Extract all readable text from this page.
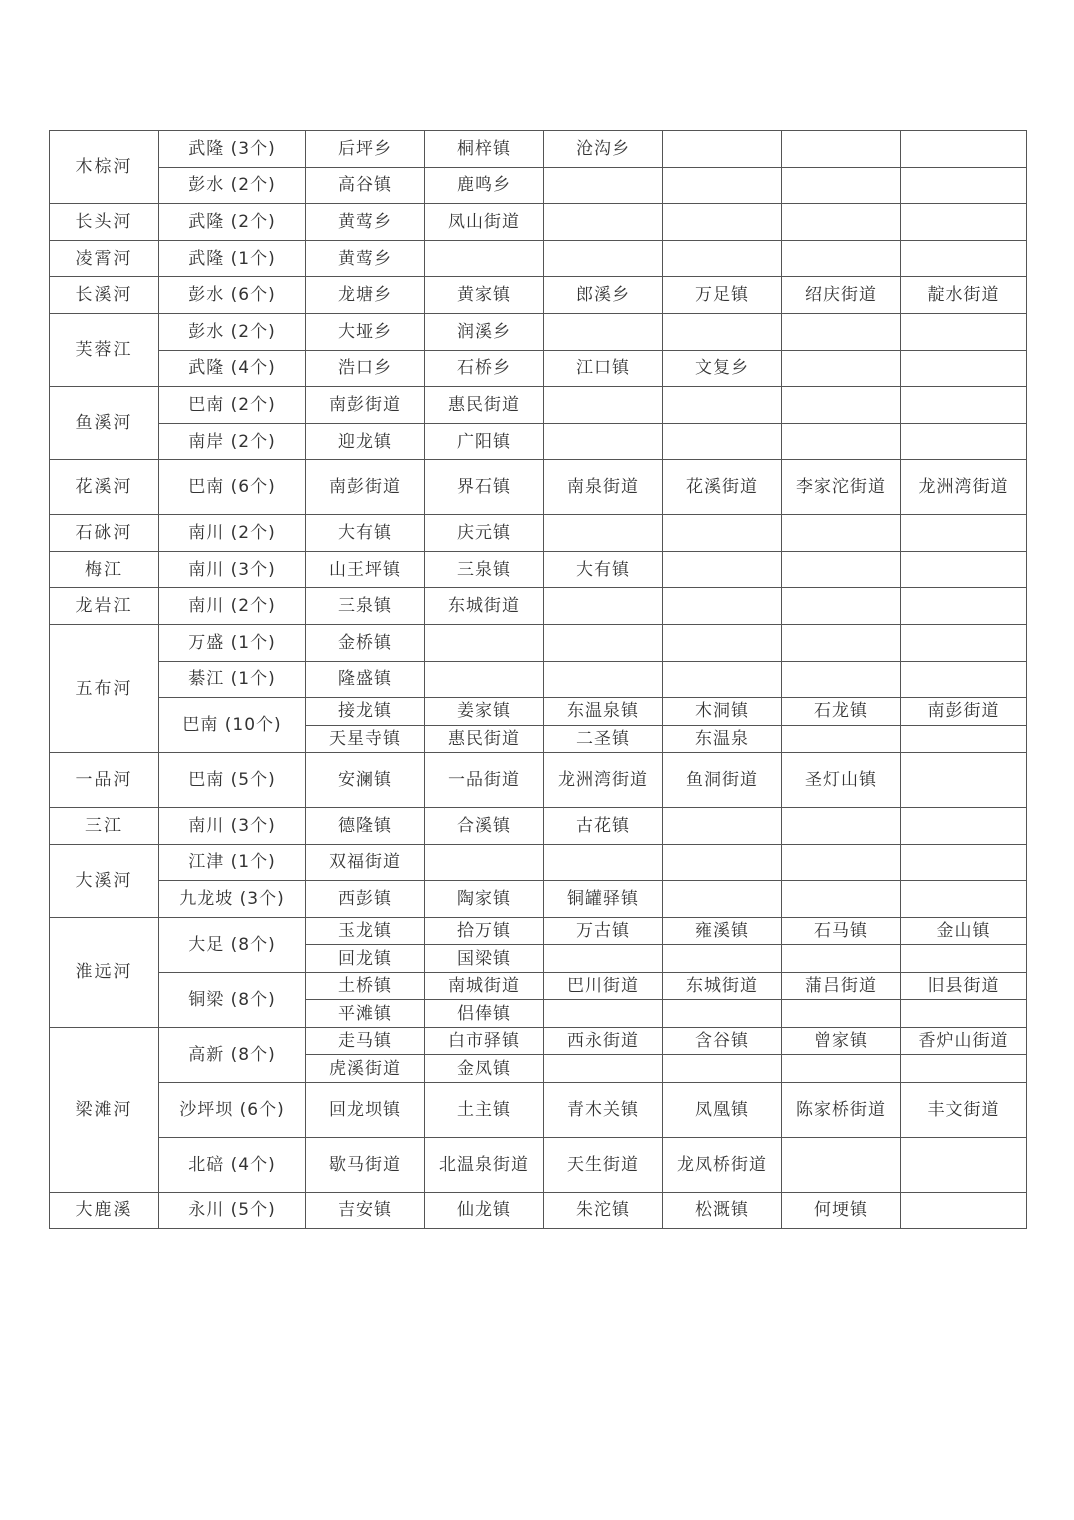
木棕河	武隆 (3个)	后坪乡	桐梓镇	沧沟乡			
	彭水 (2个)	高谷镇	鹿鸣乡				
长头河	武隆 (2个)	黄莺乡	凤山街道				
凌霄河	武隆 (1个)	黄莺乡					
长溪河	彭水 (6个)	龙塘乡	黄家镇	郎溪乡	万足镇	绍庆街道	靛水街道
芙蓉江	彭水 (2个)	大垭乡	润溪乡				
	武隆 (4个)	浩口乡	石桥乡	江口镇	文复乡		
鱼溪河	巴南 (2个)	南彭街道	惠民街道				
	南岸 (2个)	迎龙镇	广阳镇				
花溪河	巴南 (6个)	南彭街道	界石镇	南泉街道	花溪街道	李家沱街道	龙洲湾街道
石砯河	南川 (2个)	大有镇	庆元镇				
梅江	南川 (3个)	山王坪镇	三泉镇	大有镇			
龙岩江	南川 (2个)	三泉镇	东城街道				
五布河	万盛 (1个)	金桥镇					
	綦江 (1个)	隆盛镇					
	巴南 (10个)	接龙镇	姜家镇	东温泉镇	木洞镇	石龙镇	南彭街道
		天星寺镇	惠民街道	二圣镇	东温泉		
一品河	巴南 (5个)	安澜镇	一品街道	龙洲湾街道	鱼洞街道	圣灯山镇	
三江	南川 (3个)	德隆镇	合溪镇	古花镇			
大溪河	江津 (1个)	双福街道					
	九龙坡 (3个)	西彭镇	陶家镇	铜罐驿镇			
淮远河	大足 (8个)	玉龙镇	拾万镇	万古镇	雍溪镇	石马镇	金山镇
		回龙镇	国梁镇				
	铜梁 (8个)	土桥镇	南城街道	巴川街道	东城街道	蒲吕街道	旧县街道
		平滩镇	侣俸镇				
梁滩河	高新 (8个)	走马镇	白市驿镇	西永街道	含谷镇	曾家镇	香炉山街道
		虎溪街道	金凤镇				
	沙坪坝 (6个)	回龙坝镇	土主镇	青木关镇	凤凰镇	陈家桥街道	丰文街道
	北碚 (4个)	歇马街道	北温泉街道	天生街道	龙凤桥街道		
大鹿溪	永川 (5个)	吉安镇	仙龙镇	朱沱镇	松溉镇	何埂镇	
